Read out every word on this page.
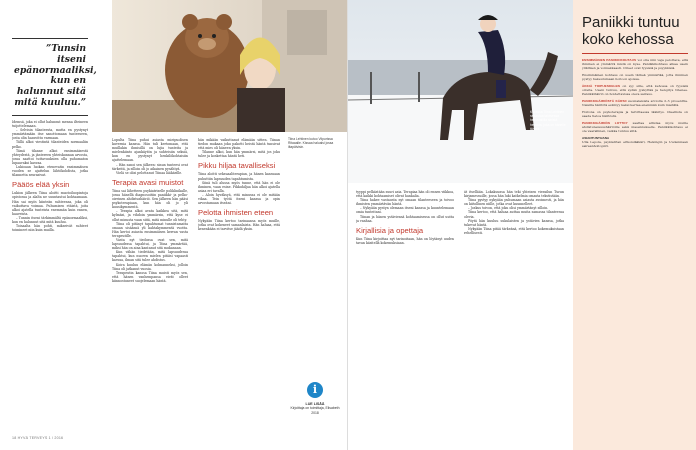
”Tunsin itseni epänormaaliksi, kun en halunnut sitä mitä kuuluu.”

Idemsä, joka ei ollut halunnut menna ilteineen tuijottelemaan.

– Selvisin tilanteesta, mutta en pystynyt ymmärtämään itse sanottomaan tunteeseen, josta olin haavoittu varmaan.

Tällä alkoi viestintä tilanteiden normaaliin pelko.

Tämä tilanne alkoi ensimmäisestä yhteydestä, ja jäntereen yhteiskunnan arvosta, jossa saattoi tuttavuuksien olla puhumaton lupaavaksi kasvaa.

Lukioaan luokan etenevatin ensimmäisen vuoden se ajattelun lähtökohdista, jotka tilannetta seurasivat.

Pääös elää yksin

Lukion jälkeen Tiina aloitti muotoiluopintoja opistossa ja alalta ne suuntautui kohtaamaan. Hän sai myös kiinteän suhteensa, joka oli vaikuttava voimaa. Puhumisen etäistä, joita alkoi ajatella tunteista enemmän kuin ennen, haaveista.

– Tunnin itseni tärkimmältä epänormaaliksi, kun en halunnut sitä mitä kuuluu.

Toisaalta hän pohti, mikseivät suhteet toimineet niin kuin muilla.

Tiina Lehtinen kutoo Viipurissa Ritaaalle. Kissaa haluaisi jossa iltapäivisin.

Lopulta Tiina puhui asiasta mieipuolisen kuvernia kanssa. Hän tuli kertomaan, että muillakin ihmisillä on lujia tunteita ja mielenkiinto ajankäytön ja suhteisiin seksiä, kun en pystynyt henkilökohtaisiin ajattelemaan.

– Hän sanoi sen jälkeen: sinun tunteesi ovat tärkeitä, ja silloin oli jo aikainen pysähtyä.

Vielä se olisi pelottanut Tiinaa lääkärille.

Terapia avasi muistot

Tiina sai lähetteen psykiatriselle poliklinikalle, jossa hänellä diagnosoitiin paniikki- ja pelko-oireinen ahdistushäiriö. Sen jälkeen hän pääsi psykoterapiaan, kun hän oli jo yli kuusikymmentä.

– Terapia alkoi avata kaikkea sitä, mitä kylmäsi, ja vihdoin ymmärsin, että kyse ei ollut minusta vaan siitä, mitä minulle oli tehty.

Tiina oli pitänyt tapahtumat tunnistamatta omaan sisäänsä yli kahtakymmentä vuotta. Hän kertoi asiasta ensimmäisen kerran vasta terapeutille.

Vasta nyt tiedossa ovat sen, mitä lapsuudessa tapahtui, ja Tiina ymmärtää, miksi hän on aina kantanut sitä mukanaan.

Kun vähän tiedetään, mitä lapsuudessa tapahtui, kun nuoren mielen pitäisi vapaasti kasvaa, ilman sitä tulee ahdistus.

Koira kuuluu elämän kolmanneksi, jolloin Tiina oli jatkanut vuosia.

Terapeutin kanssa Tiina muisti myös sen, että hänen vanhempansa eivät olleet kiinnostuneet suojelemaan häntä.

hän mikään vaikuttanut elämään sitten. Tiinan tiedon mukaan joku pakotti heistä häntä tunsivat että mies oli häneen yksin.

Tilanne alkoi, kun hän ymmärsi, mitä jos joku tulee ja koskettaa häntä heti.

Pikku hiljaa tavalliseksi

Tiina aloitti seksuaaliterapian, ja hänen kanssaan puhuttiin lapsuuden tapahtumista.

Siinä tuli alussa myös tunne, että hän ei ole ihminen, vaan esine. Pikkuhiljaa hän alkoi ajatella asiaa eri tavalla.

– Aloin hyväksyä, että minussa ei ole mitään vikaa. Tein työtä itseni kanssa ja opin arvostamaan itseäni.

Pelotta ihmisten eteen

Nykyään Tiina kertoo tarinaansa myös muille, jotka ovat kokeneet samanlaista. Hän haluaa, että kenenkään ei tarvitse jäädä yksin.

i
LUE LISÄÄ
Kirjoittaja on toimittaja, Elisabeth 2018
18 HYVÄ TERVEYS 1 / 2016
Kuvassa Tiina Lehtinen ratsastaa talvisessa hevostallilla sinistä hevosta, joka on hänelle tärkeä.

tyyppi pelkästään suuri asia. Terapiaa hän oli ennen viikkoa, että kaikki kohtaamiset olivat hankalia.

Tiina hakee vastausta nyt omaan tilanteeseen ja toivoo ihmisten ymmärtävän häntä.

– Nykyään pystyn olemaan itseni kanssa ja kuuntelemaan omia tunteitani.

Tiinan ja hänen ystäviensä kohtaamisessa on ollut uutta ja vanhaa.

Kirjallisia ja opettaja

Kun Tiina kirjoittaa nyt tarinoitaan, hän on löytänyt uuden tavan käsitellä kokemuksiaan.

ät itsellään. Lokakuussa hän teki yhteisen vierailun Turun kirjamessuille, jossa hän luki katkelmia omasta tekstistään.

Tiina pystyy nykyään puhumaan asiasta avoimesti, ja hän on kiitollinen niille, jotka ovat kuunnelleet.

– Joskus toivon, että joku olisi ymmärtänyt silloin.

Tiina kertoo, että haluaa auttaa muita samassa tilanteessa olevia.

Pöytä hän kuuluu sukulaisten ja ystävien kanssa, jotka tukevat häntä.

Nykyään Tiina pitää tärkeänä, että kertoo kokemuksistaan rehellisesti.

Paniikki tuntuu koko kehossa

ENSIMMÄINEN PANIIKKIKOHTAUS voi olla niin vaja pelottava, että ihminen ei ymmärrä mistä on kyse. Paniikkikohtaus alkaa usein yllättäen ja voimakkaasti. Oireet ovat fyysisiä ja psyykkisiä.

Ensimmäinen kohtaus on usein tärkeä ymmärtää, jotta ihminen pystyy hakeutumaan hoitoon ajoissa.

ÄKKIÄ TOIPUESKELEN on syy sille, että kehossa on fyysisiä oireita. Usein tuntuu, että sydän jyskyttää ja hengitys tihenee. Paniikkihäiriö on hoidettavissa oleva sairaus.

PANIIKKIHÄIRIÖSTÄ KÄRSII suomalaisista arviolta 2–3 prosenttia. Naisilla häiriötä esiintyy kaksi kertaa enemmän kuin miehillä.

Hoitona on psykoterapia ja tarvittaessa lääkitys. Oleellista on saada tietoa häiriöstä.

PANIIKKIHÄIRIÖN LOTTOY saattaa altistaa myös muille ahdistuneisuushäiriöille sekä masennukselle. Paniikkikohtaus ei ole vaarallinen, vaikka tuntuu siltä.

ASIANTUNTIJANA
Ulla Lepola, psykiatrian erikoislääkäri, Helsingin ja Uudenmaan sairaanhoitopiiri.
